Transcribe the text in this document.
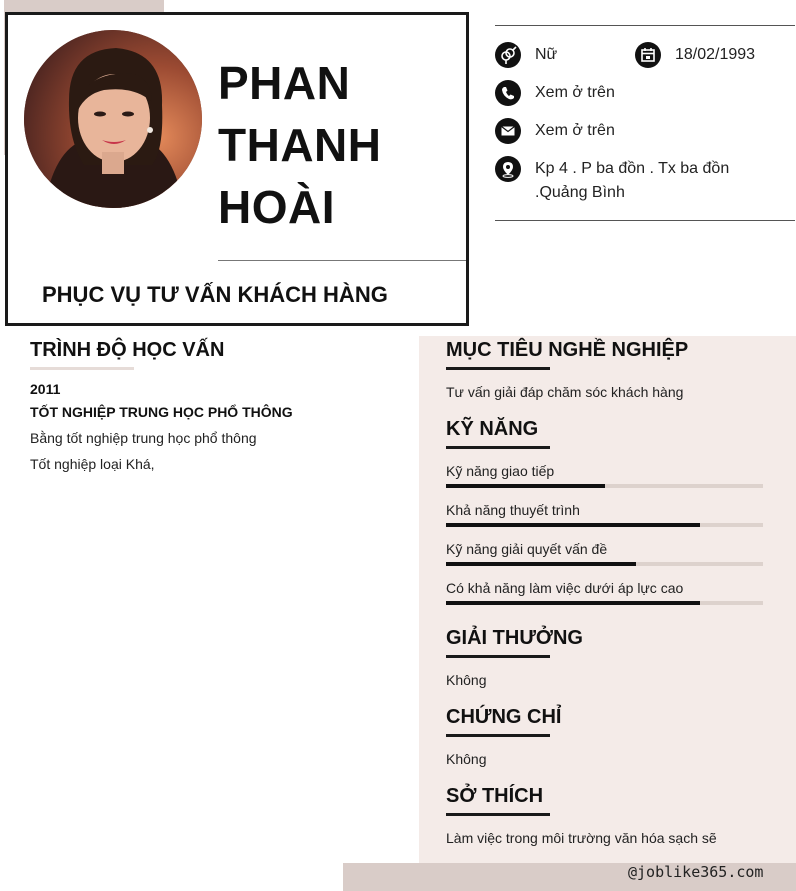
PHAN
THANH
HOÀI
PHỤC VỤ TƯ VẤN KHÁCH HÀNG
Nữ	18/02/1993
Xem ở trên
Xem ở trên
Kp 4 . P ba đồn . Tx ba đồn
.Quảng Bình
TRÌNH ĐỘ HỌC VẤN
2011
TỐT NGHIỆP TRUNG HỌC PHỔ THÔNG
Bằng tốt nghiệp trung học phổ thông
Tốt nghiệp loại Khá,
MỤC TIÊU NGHỀ NGHIỆP
Tư vấn giải đáp chăm sóc khách hàng
KỸ NĂNG
Kỹ năng giao tiếp
Khả năng thuyết trình
Kỹ năng giải quyết vấn đề
Có khả năng làm việc dưới áp lực cao
GIẢI THƯỞNG
Không
CHỨNG CHỈ
Không
SỞ THÍCH
Làm việc trong môi trường văn hóa sạch sẽ
@joblike365.com
